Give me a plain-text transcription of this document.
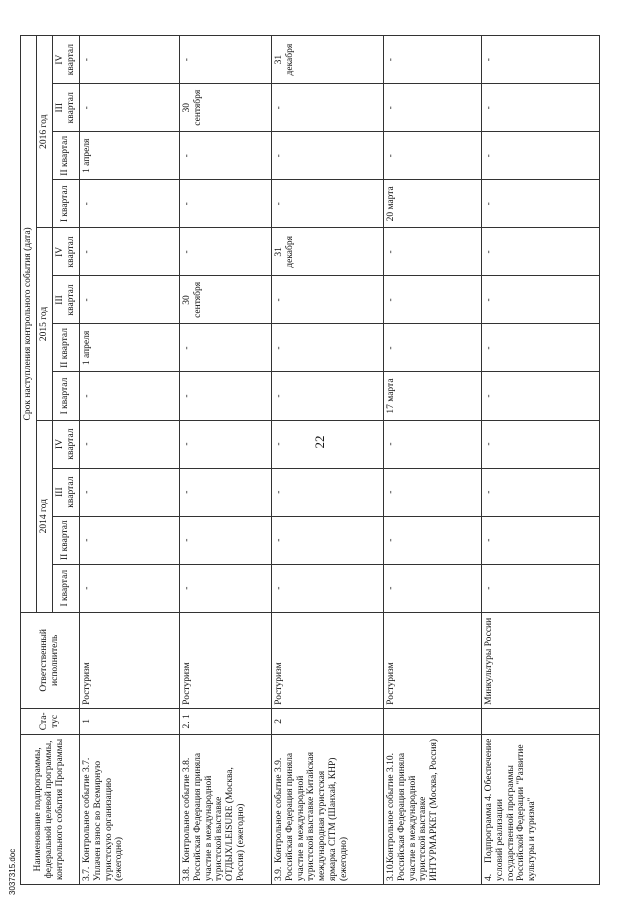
22
Наименование подпрограммы, федеральной целевой программы, контрольного события Программы	Ста-тус	Ответственный исполнитель	Срок наступления контрольного события (дата)											
			2014 год				2015 год				2016 год			
			I квартал	II квартал	III квартал	IV квартал	I квартал	II квартал	III квартал	IV квартал	I квартал	II квартал	III квартал	IV квартал
3.7.Контрольное событие 3.7. Уплачен взнос во Всемирную туристскую организацию (ежегодно)	1	Ростуризм	-	-	-	-	-	1 апреля	-	-	-	1 апреля	-	-
3.8.Контрольное событие 3.8. Российская Федерация приняла участие в международной туристской выставке ОТДЫХ/LEISURE (Москва, Россия) (ежегодно)	2. 1	Ростуризм	-	-	-	-	-	-	30 сентября	-	-	-	30 сентября	-
3.9.Контрольное событие 3.9. Российская Федерация приняла участие в международной туристской выставке Китайская международная туристская ярмарка CITM (Шанхай, КНР) (ежегодно)	2	Ростуризм	-	-	-	-	-	-	-	31 декабря	-	-	-	31 декабря
3.10.Контрольное событие 3.10. Российская Федерация приняла участие в международной туристской выставке ИНТУРМАРКЕТ (Москва, Россия)		Ростуризм	-	-	-	-	17 марта	-	-	-	20 марта	-	-	-
4.Подпрограмма 4. Обеспечение условий реализации государственной программы Российской Федерации "Развитие культуры и туризма"		Минкультуры России	-	-	-	-	-	-	-	-	-	-	-	-
3037315.doc
